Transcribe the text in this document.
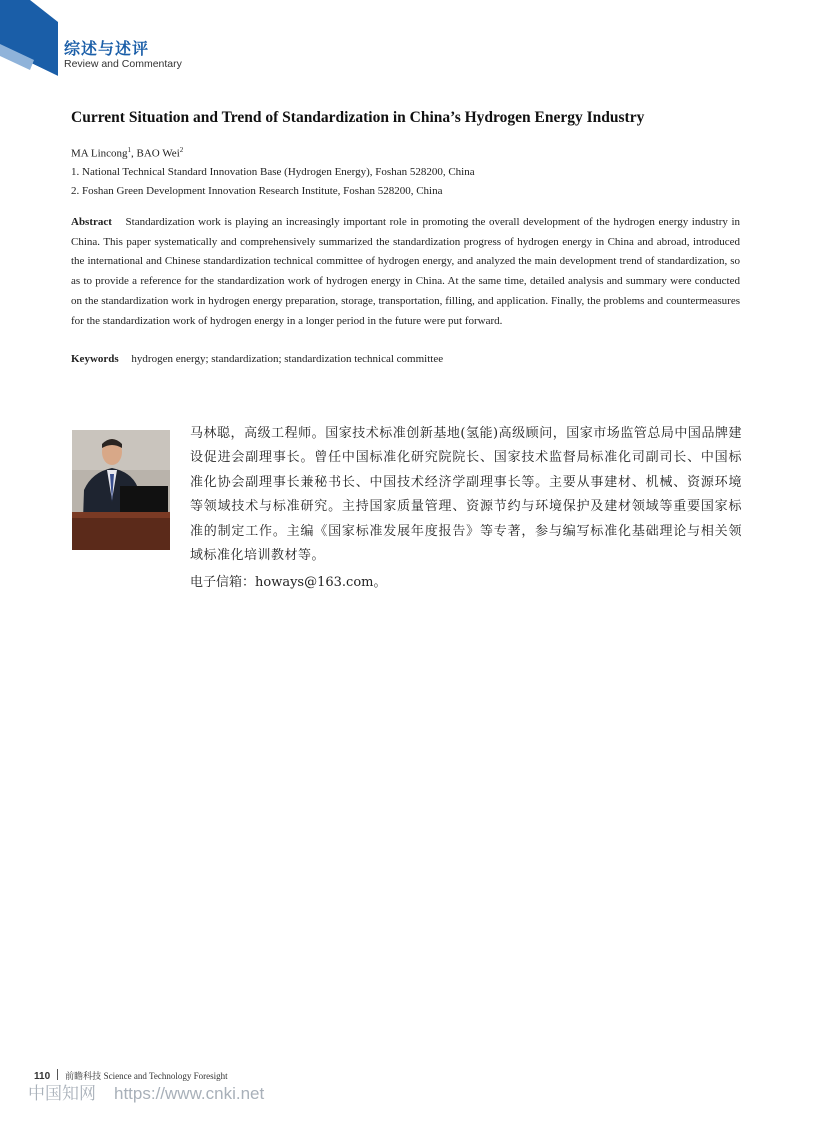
综述与述评
Review and Commentary
Current Situation and Trend of Standardization in China’s Hydrogen Energy Industry
MA Lincong$^1$, BAO Wei$^2$
1. National Technical Standard Innovation Base (Hydrogen Energy), Foshan 528200, China
2. Foshan Green Development Innovation Research Institute, Foshan 528200, China
Abstract Standardization work is playing an increasingly important role in promoting the overall development of the hydrogen energy industry in China. This paper systematically and comprehensively summarized the standardization progress of hydrogen energy in China and abroad, introduced the international and Chinese standardization technical committee of hydrogen energy, and analyzed the main development trend of standardization, so as to provide a reference for the standardization work of hydrogen energy in China. At the same time, detailed analysis and summary were conducted on the standardization work in hydrogen energy preparation, storage, transportation, filling, and application. Finally, the problems and countermeasures for the standardization work of hydrogen energy in a longer period in the future were put forward.
Keywords hydrogen energy; standardization; standardization technical committee
马林聪，高级工程师。国家技术标准创新基地(氢能)高级顾问，国家市场监管总局中国品牌建设促进会副理事长。曾任中国标准化研究院院长、国家技术监督局标准化司副司长、中国标准化协会副理事长兼秘书长、中国技术经济学副理事长等。主要从事建材、机械、资源环境等领域技术与标准研究。主持国家质量管理、资源节约与环境保护及建材领域等重要国家标准的制定工作。主编《国家标准发展年度报告》等专著，参与编写标准化基础理论与相关领域标准化培训教材等。
电子信箱：howays@163.com。
110 前瞻科技 Science and Technology Foresight
中国知网 https://www.cnki.net
